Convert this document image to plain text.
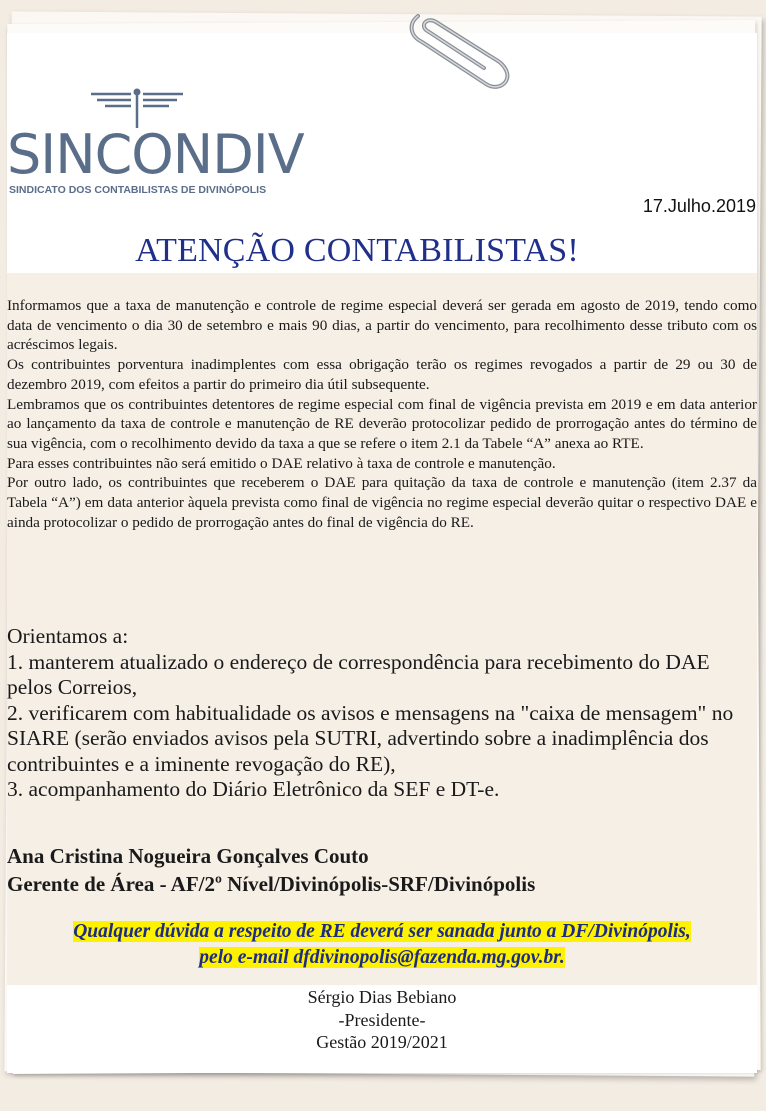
SINCONDIV
SINDICATO DOS CONTABILISTAS DE DIVINÓPOLIS
17.Julho.2019
ATENÇÃO CONTABILISTAS!

Informamos que a taxa de manutenção e controle de regime especial deverá ser gerada em agosto de 2019, tendo como data de vencimento o dia 30 de setembro e mais 90 dias, a partir do vencimento, para recolhimento desse tributo com os acréscimos legais.

Os contribuintes porventura inadimplentes com essa obrigação terão os regimes revogados a partir de 29 ou 30 de dezembro 2019, com efeitos a partir do primeiro dia útil subsequente.

Lembramos que os contribuintes detentores de regime especial com final de vigência prevista em 2019 e em data anterior ao lançamento da taxa de controle e manutenção de RE deverão protocolizar pedido de prorrogação antes do término de sua vigência, com o recolhimento devido da taxa a que se refere o item 2.1 da Tabele “A” anexa ao RTE.

Para esses contribuintes não será emitido o DAE relativo à taxa de controle e manutenção.

Por outro lado, os contribuintes que receberem o DAE para quitação da taxa de controle e manutenção (item 2.37 da Tabela “A”) em data anterior àquela prevista como final de vigência no regime especial deverão quitar o respectivo DAE e ainda protocolizar o pedido de prorrogação antes do final de vigência do RE.

Orientamos a:

1. manterem atualizado o endereço de correspondência para recebimento do DAE pelos Correios,

2. verificarem com habitualidade os avisos e mensagens na "caixa de mensagem" no SIARE (serão enviados avisos pela SUTRI, advertindo sobre a inadimplência dos contribuintes e a iminente revogação do RE),

3. acompanhamento do Diário Eletrônico da SEF e DT-e.

Ana Cristina Nogueira Gonçalves Couto

Gerente de Área - AF/2º Nível/Divinópolis-SRF/Divinópolis

Qualquer dúvida a respeito de RE deverá ser sanada junto a DF/Divinópolis,
pelo e-mail dfdivinopolis@fazenda.mg.gov.br.

Sérgio Dias Bebiano

-Presidente-

Gestão 2019/2021
